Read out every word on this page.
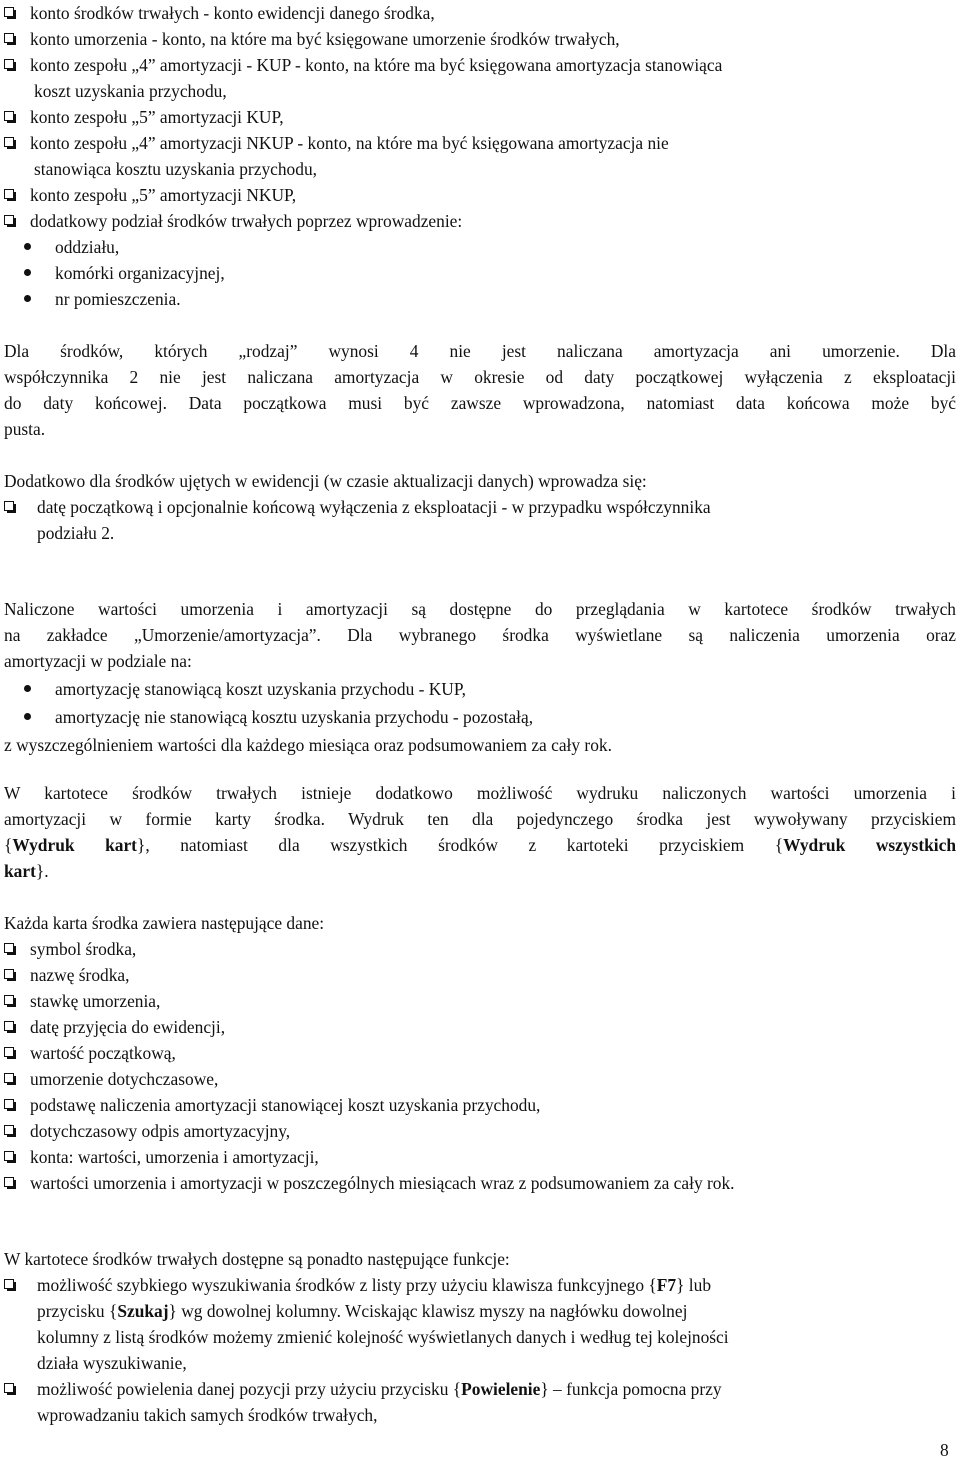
konto środków trwałych - konto ewidencji danego środka,
konto umorzenia - konto, na które ma być księgowane umorzenie środków trwałych,
konto zespołu „4” amortyzacji - KUP - konto, na które ma być księgowana amortyzacja stanowiąca
koszt uzyskania przychodu,
konto zespołu „5” amortyzacji KUP,
konto zespołu „4” amortyzacji NKUP - konto, na które ma być księgowana amortyzacja nie
stanowiąca kosztu uzyskania przychodu,
konto zespołu „5” amortyzacji NKUP,
dodatkowy podział środków trwałych poprzez wprowadzenie:
oddziału,
komórki organizacyjnej,
nr pomieszczenia.
Dla środków, których „rodzaj” wynosi 4 nie jest naliczana amortyzacja ani umorzenie. Dla
współczynnika 2 nie jest naliczana amortyzacja w okresie od daty początkowej wyłączenia z eksploatacji
do daty końcowej. Data początkowa musi być zawsze wprowadzona, natomiast data końcowa może być
pusta.
Dodatkowo dla środków ujętych w ewidencji (w czasie aktualizacji danych) wprowadza się:
datę początkową i opcjonalnie końcową wyłączenia z eksploatacji - w przypadku współczynnika
podziału 2.
Naliczone wartości umorzenia i amortyzacji są dostępne do przeglądania w kartotece środków trwałych
na zakładce „Umorzenie/amortyzacja”. Dla wybranego środka wyświetlane są naliczenia umorzenia oraz
amortyzacji w podziale na:
amortyzację stanowiącą koszt uzyskania przychodu - KUP,
amortyzację nie stanowiącą kosztu uzyskania przychodu - pozostałą,
z wyszczególnieniem wartości dla każdego miesiąca oraz podsumowaniem za cały rok.
W kartotece środków trwałych istnieje dodatkowo możliwość wydruku naliczonych wartości umorzenia i
amortyzacji w formie karty środka. Wydruk ten dla pojedynczego środka jest wywoływany przyciskiem
{Wydruk kart}, natomiast dla wszystkich środków z kartoteki przyciskiem {Wydruk wszystkich
kart}.
Każda karta środka zawiera następujące dane:
symbol środka,
nazwę środka,
stawkę umorzenia,
datę przyjęcia do ewidencji,
wartość początkową,
umorzenie dotychczasowe,
podstawę naliczenia amortyzacji stanowiącej koszt uzyskania przychodu,
dotychczasowy odpis amortyzacyjny,
konta: wartości, umorzenia i amortyzacji,
wartości umorzenia i amortyzacji w poszczególnych miesiącach wraz z podsumowaniem za cały rok.
W kartotece środków trwałych dostępne są ponadto następujące funkcje:
możliwość szybkiego wyszukiwania środków z listy przy użyciu klawisza funkcyjnego {F7} lub
przycisku {Szukaj} wg dowolnej kolumny. Wciskając klawisz myszy na nagłówku dowolnej
kolumny z listą środków możemy zmienić kolejność wyświetlanych danych i według tej kolejności
działa wyszukiwanie,
możliwość powielenia danej pozycji przy użyciu przycisku {Powielenie} – funkcja pomocna przy
wprowadzaniu takich samych środków trwałych,
8
